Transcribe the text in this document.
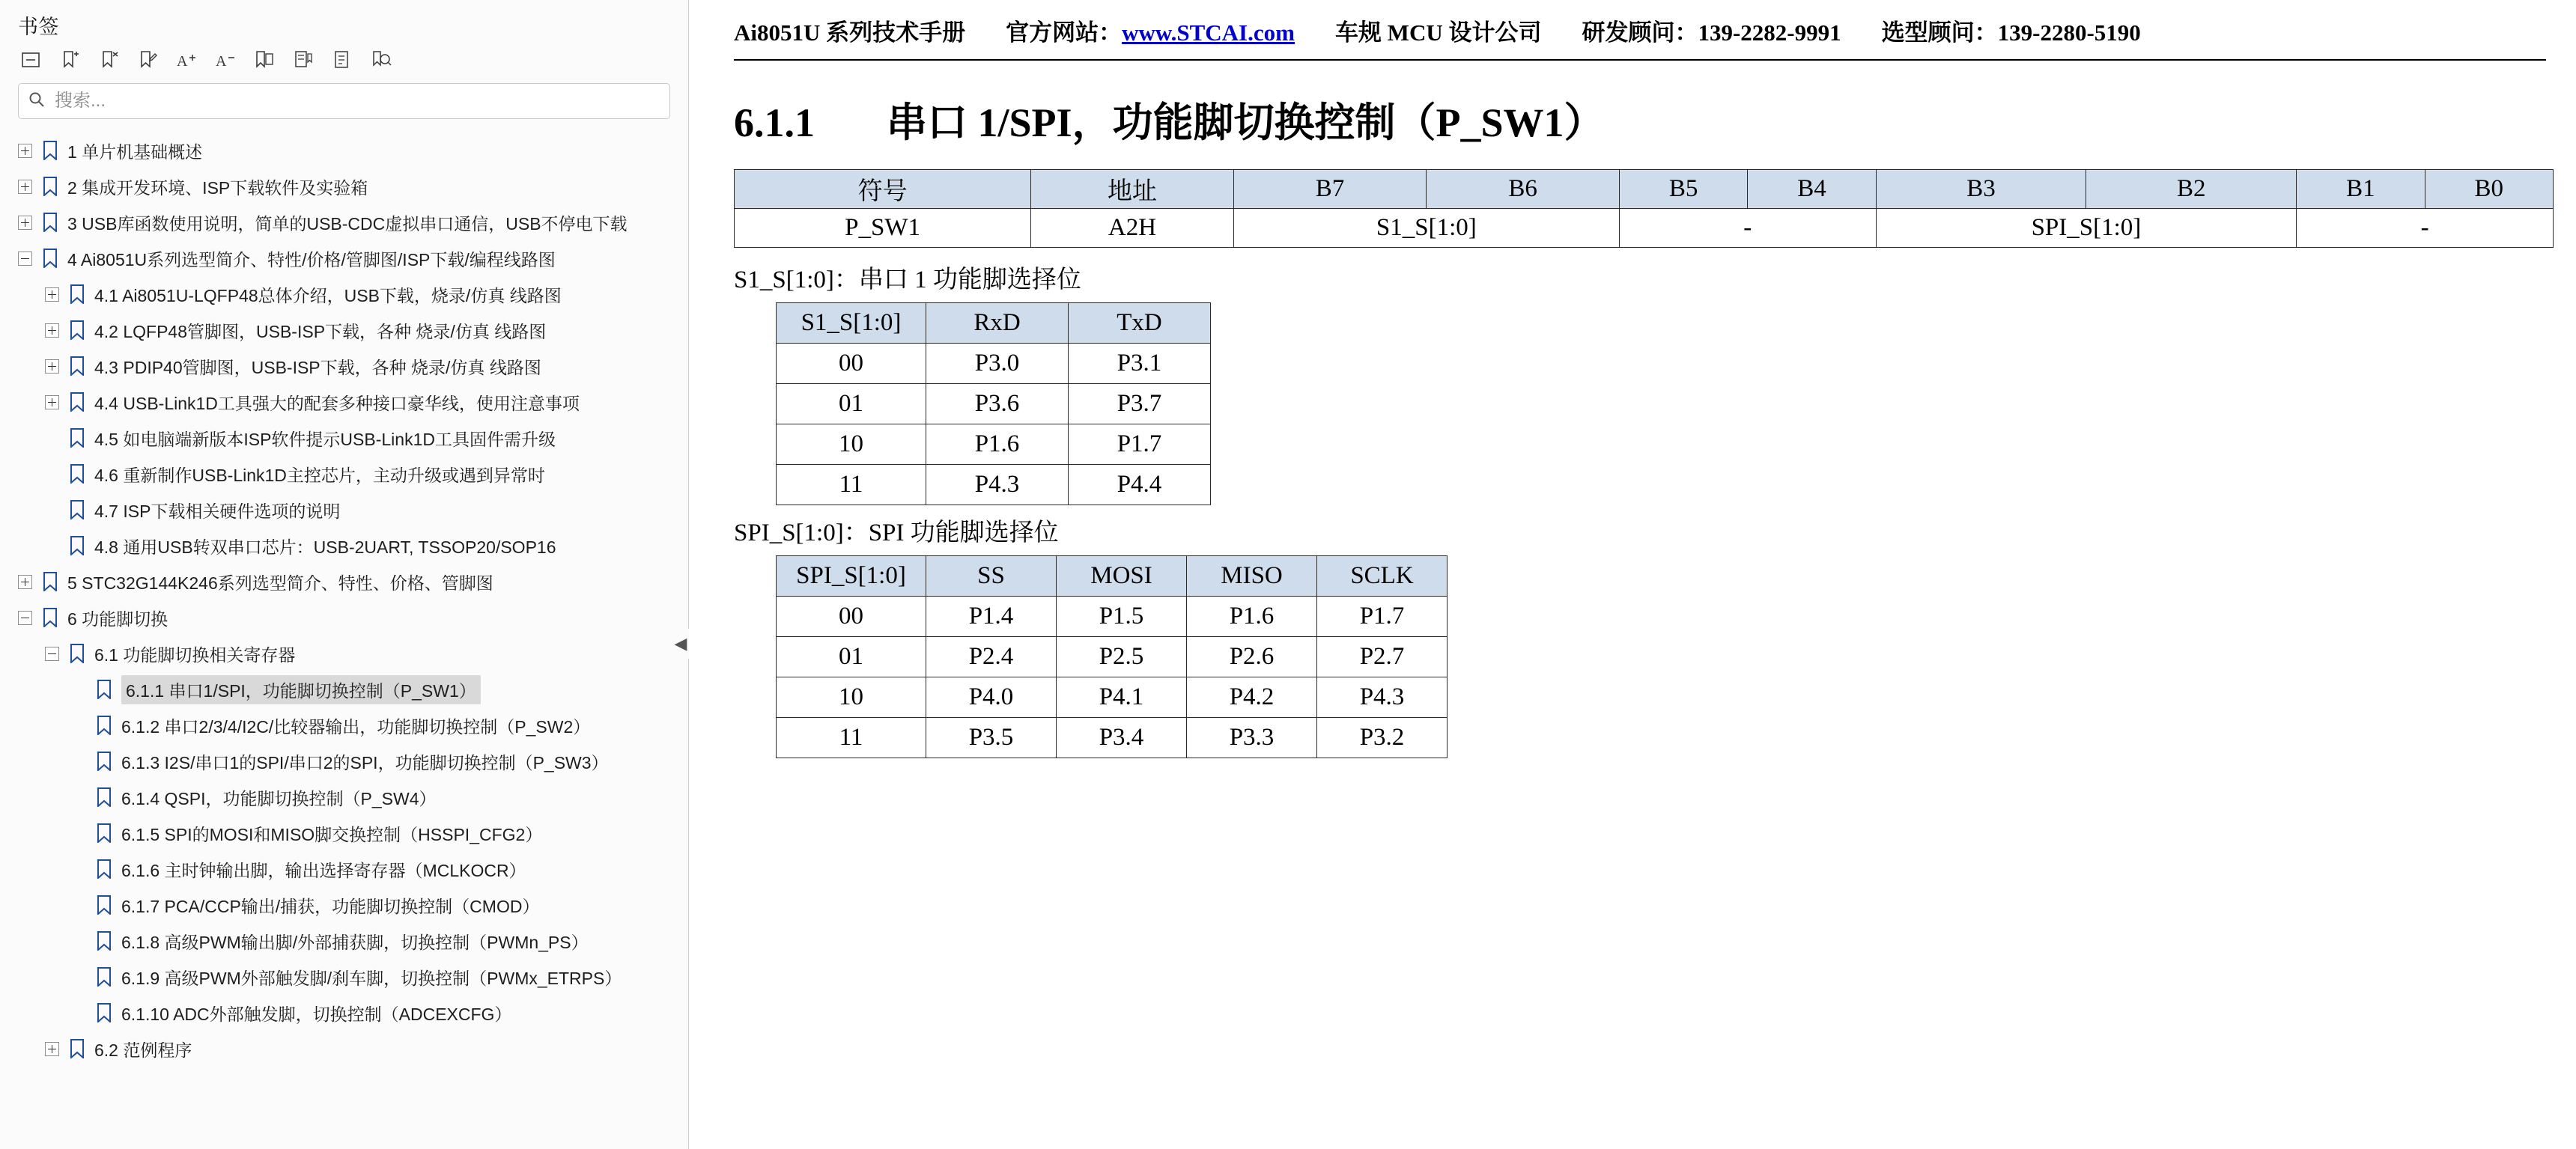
书签
A A
搜索...
1 单片机基础概述
2 集成开发环境、ISP下载软件及实验箱
3 USB库函数使用说明，简单的USB-CDC虚拟串口通信，USB不停电下载
4 Ai8051U系列选型简介、特性/价格/管脚图/ISP下载/编程线路图
4.1 Ai8051U-LQFP48总体介绍，USB下载，烧录/仿真 线路图
4.2 LQFP48管脚图，USB-ISP下载，各种 烧录/仿真 线路图
4.3 PDIP40管脚图，USB-ISP下载，各种 烧录/仿真 线路图
4.4 USB-Link1D工具强大的配套多种接口豪华线，使用注意事项
4.5 如电脑端新版本ISP软件提示USB-Link1D工具固件需升级
4.6 重新制作USB-Link1D主控芯片，主动升级或遇到异常时
4.7 ISP下载相关硬件选项的说明
4.8 通用USB转双串口芯片：USB-2UART, TSSOP20/SOP16
5 STC32G144K246系列选型简介、特性、价格、管脚图
6 功能脚切换
6.1 功能脚切换相关寄存器
6.1.1 串口1/SPI，功能脚切换控制（P_SW1）
6.1.2 串口2/3/4/I2C/比较器输出，功能脚切换控制（P_SW2）
6.1.3 I2S/串口1的SPI/串口2的SPI，功能脚切换控制（P_SW3）
6.1.4 QSPI，功能脚切换控制（P_SW4）
6.1.5 SPI的MOSI和MISO脚交换控制（HSSPI_CFG2）
6.1.6 主时钟输出脚，输出选择寄存器（MCLKOCR）
6.1.7 PCA/CCP输出/捕获，功能脚切换控制（CMOD）
6.1.8 高级PWM输出脚/外部捕获脚，切换控制（PWMn_PS）
6.1.9 高级PWM外部触发脚/刹车脚，切换控制（PWMx_ETRPS）
6.1.10 ADC外部触发脚，切换控制（ADCEXCFG）
6.2 范例程序
◀
Ai8051U 系列技术手册 官方网站：www.STCAI.com 车规 MCU 设计公司 研发顾问：139-2282-9991 选型顾问：139-2280-5190
6.1.1 串口 1/SPI，功能脚切换控制（P_SW1）
符号	地址	B7	B6	B5	B4	B3	B2	B1	B0
P_SW1	A2H	S1_S[1:0]		-		SPI_S[1:0]		-	
S1_S[1:0]：串口 1 功能脚选择位
S1_S[1:0]	RxD	TxD
00	P3.0	P3.1
01	P3.6	P3.7
10	P1.6	P1.7
11	P4.3	P4.4
SPI_S[1:0]：SPI 功能脚选择位
SPI_S[1:0]	SS	MOSI	MISO	SCLK
00	P1.4	P1.5	P1.6	P1.7
01	P2.4	P2.5	P2.6	P2.7
10	P4.0	P4.1	P4.2	P4.3
11	P3.5	P3.4	P3.3	P3.2
